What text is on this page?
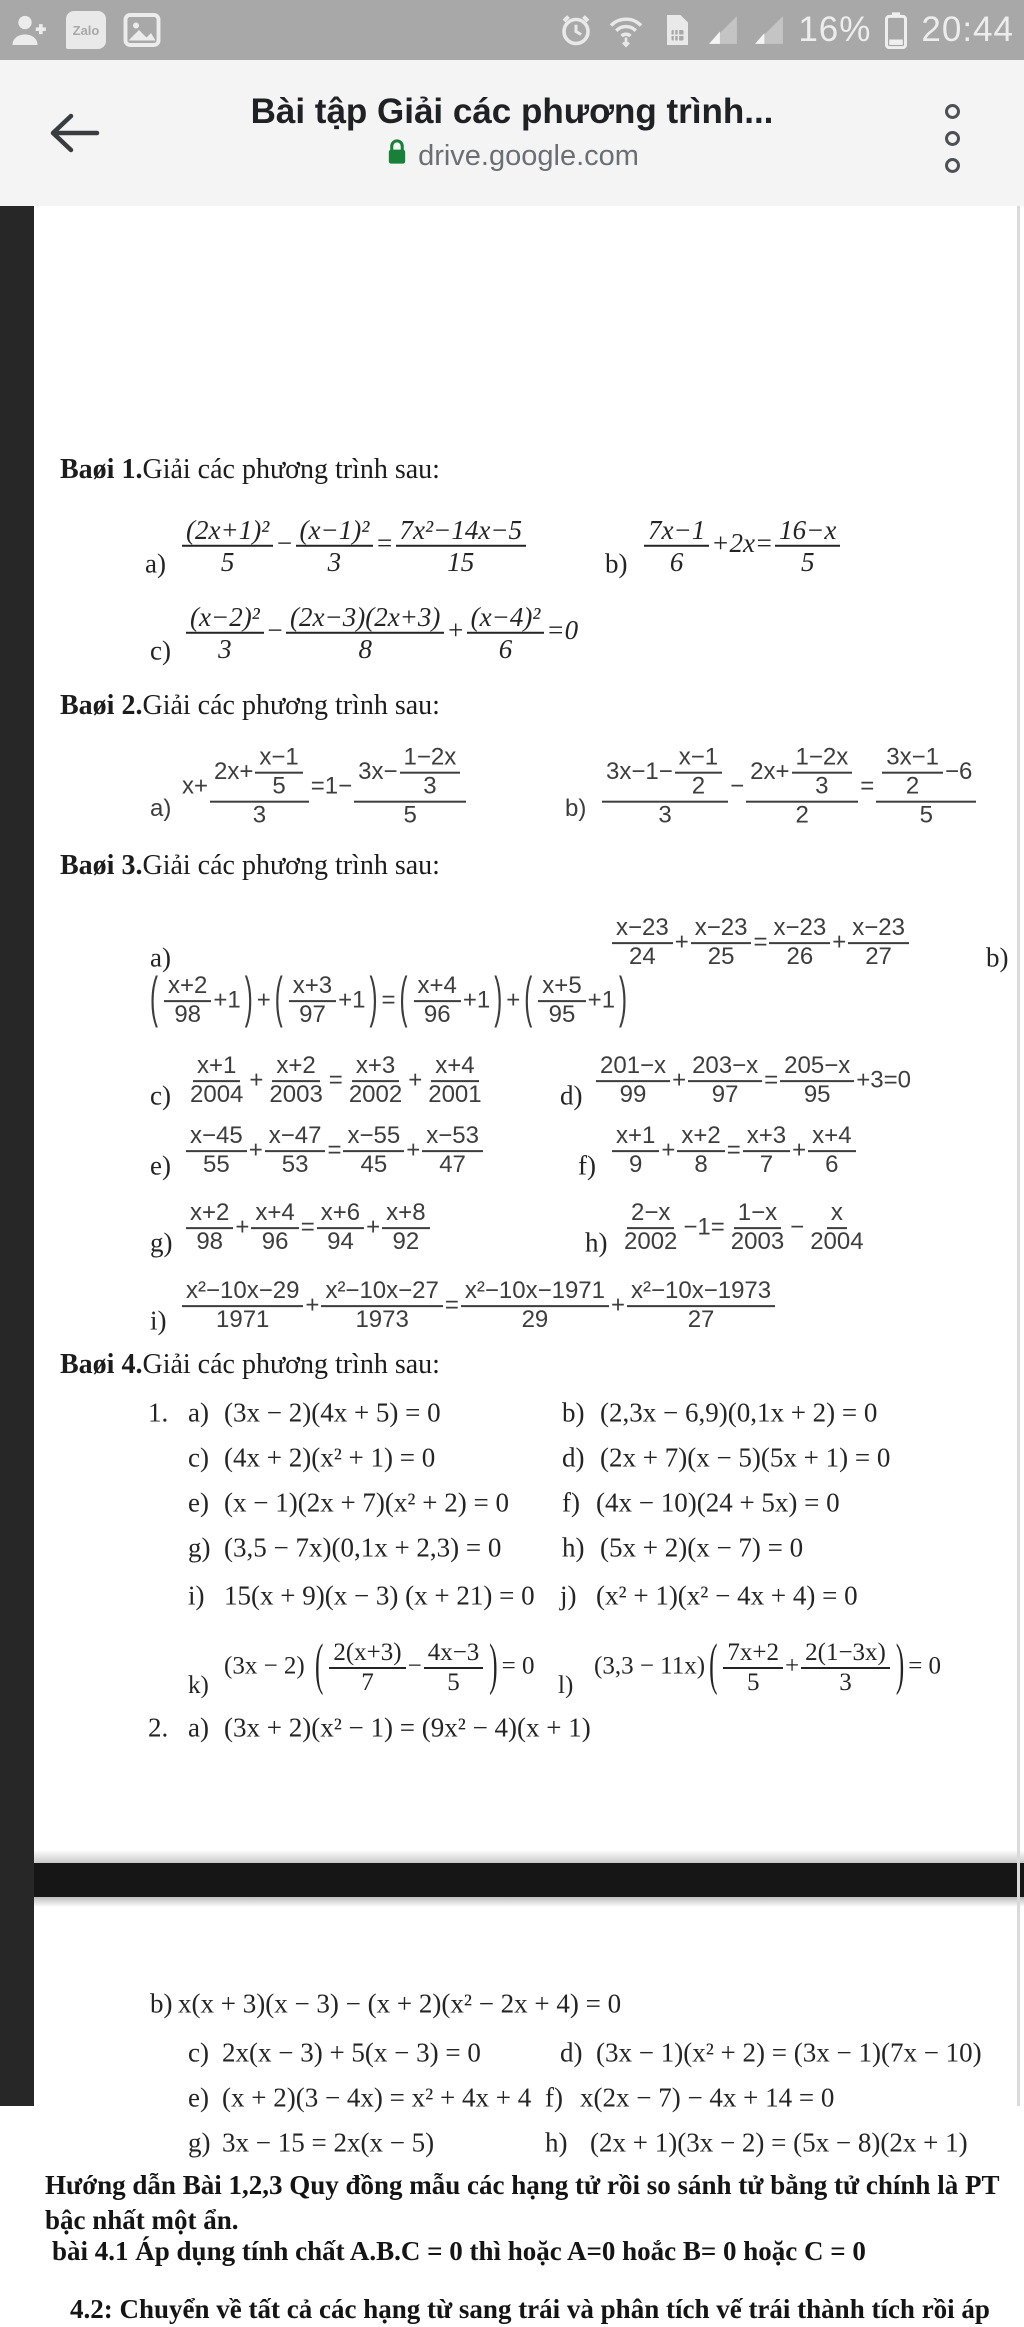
Zalo	16% 20:44
Bài tập Giải các phương trình...
drive.google.com
Baøi 1.Giải các phương trình sau:
$a) \frac{\text{(2x+1)²}}{5} - \frac{\text{(x−1)²}}{3} = \frac{\text{7x²−14x−5}}{15}$	$b) \frac{7x-1}{6} +2x= \frac{16-x}{5}$
$c) \frac{\text{(x−2)²}}{3} - \frac{(2x-3)(2x+3)}{8} + \frac{\text{(x−4)²}}{6} =0$
Baøi 2.Giải các phương trình sau:
a)
$x+ \frac{2x+ \frac{x-1}{5}}{3} =1- \frac{3x- \frac{1-2x}{3}}{5}$	$b) \frac{3x-1- \frac{x-1}{2}}{3} - \frac{2x+ \frac{1-2x}{3}}{2} = \frac{\frac{3x-1}{2} -6}{5}$
Baøi 3.Giải các phương trình sau:
a)	$\frac{x-23}{24} + \frac{x-23}{25} = \frac{x-23}{26} + \frac{x-23}{27}$	b)
( $\frac{x+2}{98} +1$ ) + ( $\frac{x+3}{97} +1$ ) = ( $\frac{x+4}{96} +1$ ) + ( $\frac{x+5}{95} +1$ )
$c) \frac{x+1}{2004} + \frac{x+2}{2003} = \frac{x+3}{2002} + \frac{x+4}{2001}$	$d) \frac{201-x}{99} + \frac{203-x}{97} = \frac{205-x}{95} +3=0$
$e) \frac{x-45}{55} + \frac{x-47}{53} = \frac{x-55}{45} + \frac{x-53}{47}$	$f) \frac{x+1}{9} + \frac{x+2}{8} = \frac{x+3}{7} + \frac{x+4}{6}$
$g) \frac{x+2}{98} + \frac{x+4}{96} = \frac{x+6}{94} + \frac{x+8}{92}$	$h) \frac{2-x}{2002} -1= \frac{1-x}{2003} - \frac{x}{2004}$
$i) \frac{\text{x²−10x−29}}{1971} + \frac{\text{x²−10x−27}}{1973} = \frac{\text{x²−10x−1971}}{29} + \frac{\text{x²−10x−1973}}{27}$
Baøi 4.Giải các phương trình sau:
1. a) (3x − 2)(4x + 5) = 0	b) (2,3x − 6,9)(0,1x + 2) = 0
c) (4x + 2)(x² + 1) = 0	d) (2x + 7)(x − 5)(5x + 1) = 0
e) (x − 1)(2x + 7)(x² + 2) = 0 f) (4x − 10)(24 + 5x) = 0
g) (3,5 − 7x)(0,1x + 2,3) = 0 h) (5x + 2)(x − 7) = 0
i) 15(x + 9)(x − 3) (x + 21) = 0 j) (x² + 1)(x² − 4x + 4) = 0
k)
(3x − 2) ( $\frac{2(x+3)}{7} - \frac{4x-3}{5}$ ) = 0
l)
(3,3 − 11x) ( $\frac{7x+2}{5} + \frac{2(1-3x)}{3}$ ) = 0
2. a) (3x + 2)(x² − 1) = (9x² − 4)(x + 1)
b) x(x + 3)(x − 3) − (x + 2)(x² − 2x + 4) = 0
c) 2x(x − 3) + 5(x − 3) = 0	d) (3x − 1)(x² + 2) = (3x − 1)(7x − 10)
e) (x + 2)(3 − 4x) = x² + 4x + 4 f) x(2x − 7) − 4x + 14 = 0
g) 3x − 15 = 2x(x − 5)	h) (2x + 1)(3x − 2) = (5x − 8)(2x + 1)
Hướng dẫn Bài 1,2,3 Quy đồng mẫu các hạng tử rồi so sánh tử bằng tử chính là PT bậc nhất một ẩn.
bài 4.1 Áp dụng tính chất A.B.C = 0 thì hoặc A=0 hoắc B= 0 hoặc C = 0
4.2: Chuyển về tất cả các hạng từ sang trái và phân tích vế trái thành tích rồi áp
